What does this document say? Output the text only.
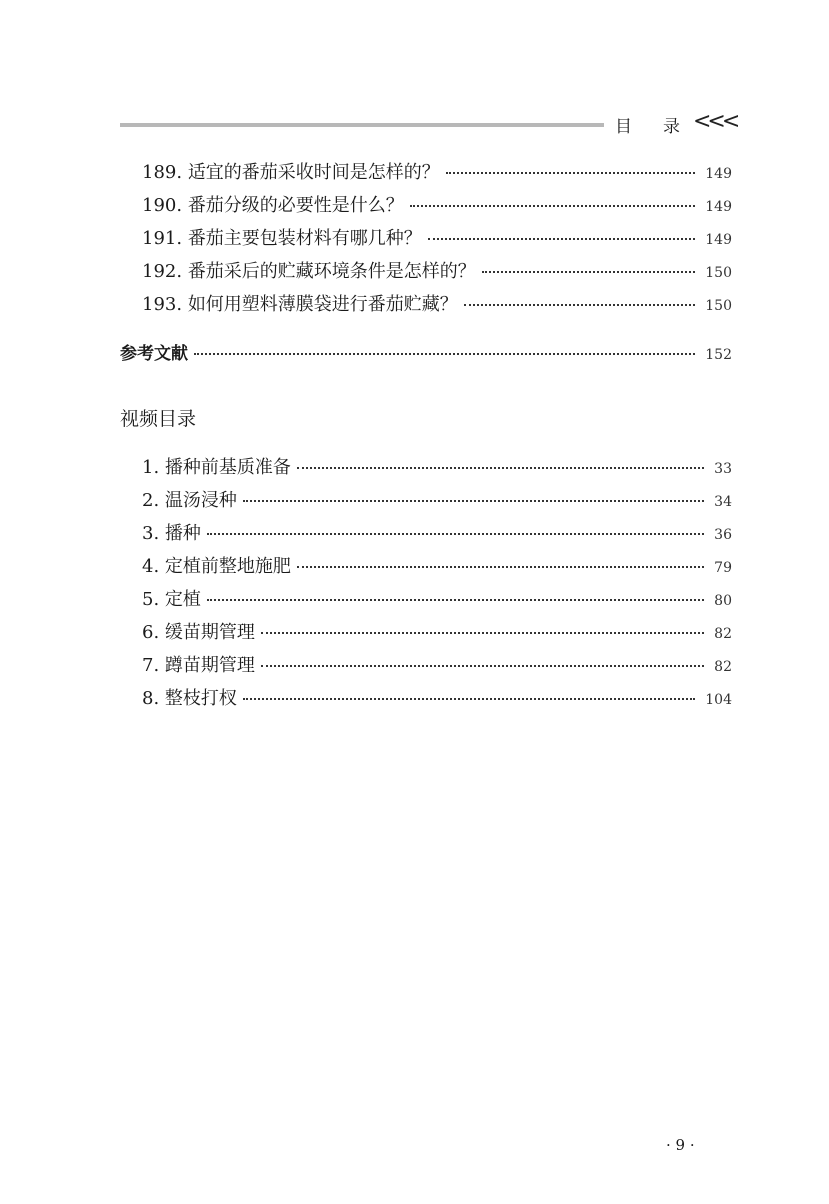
目 录 <<<
189. 适宜的番茄采收时间是怎样的？	149
190. 番茄分级的必要性是什么？	149
191. 番茄主要包装材料有哪几种？	149
192. 番茄采后的贮藏环境条件是怎样的？	150
193. 如何用塑料薄膜袋进行番茄贮藏？	150
参考文献	152
视频目录
1. 播种前基质准备	33
2. 温汤浸种	34
3. 播种	36
4. 定植前整地施肥	79
5. 定植	80
6. 缓苗期管理	82
7. 蹲苗期管理	82
8. 整枝打杈	104
· 9 ·
